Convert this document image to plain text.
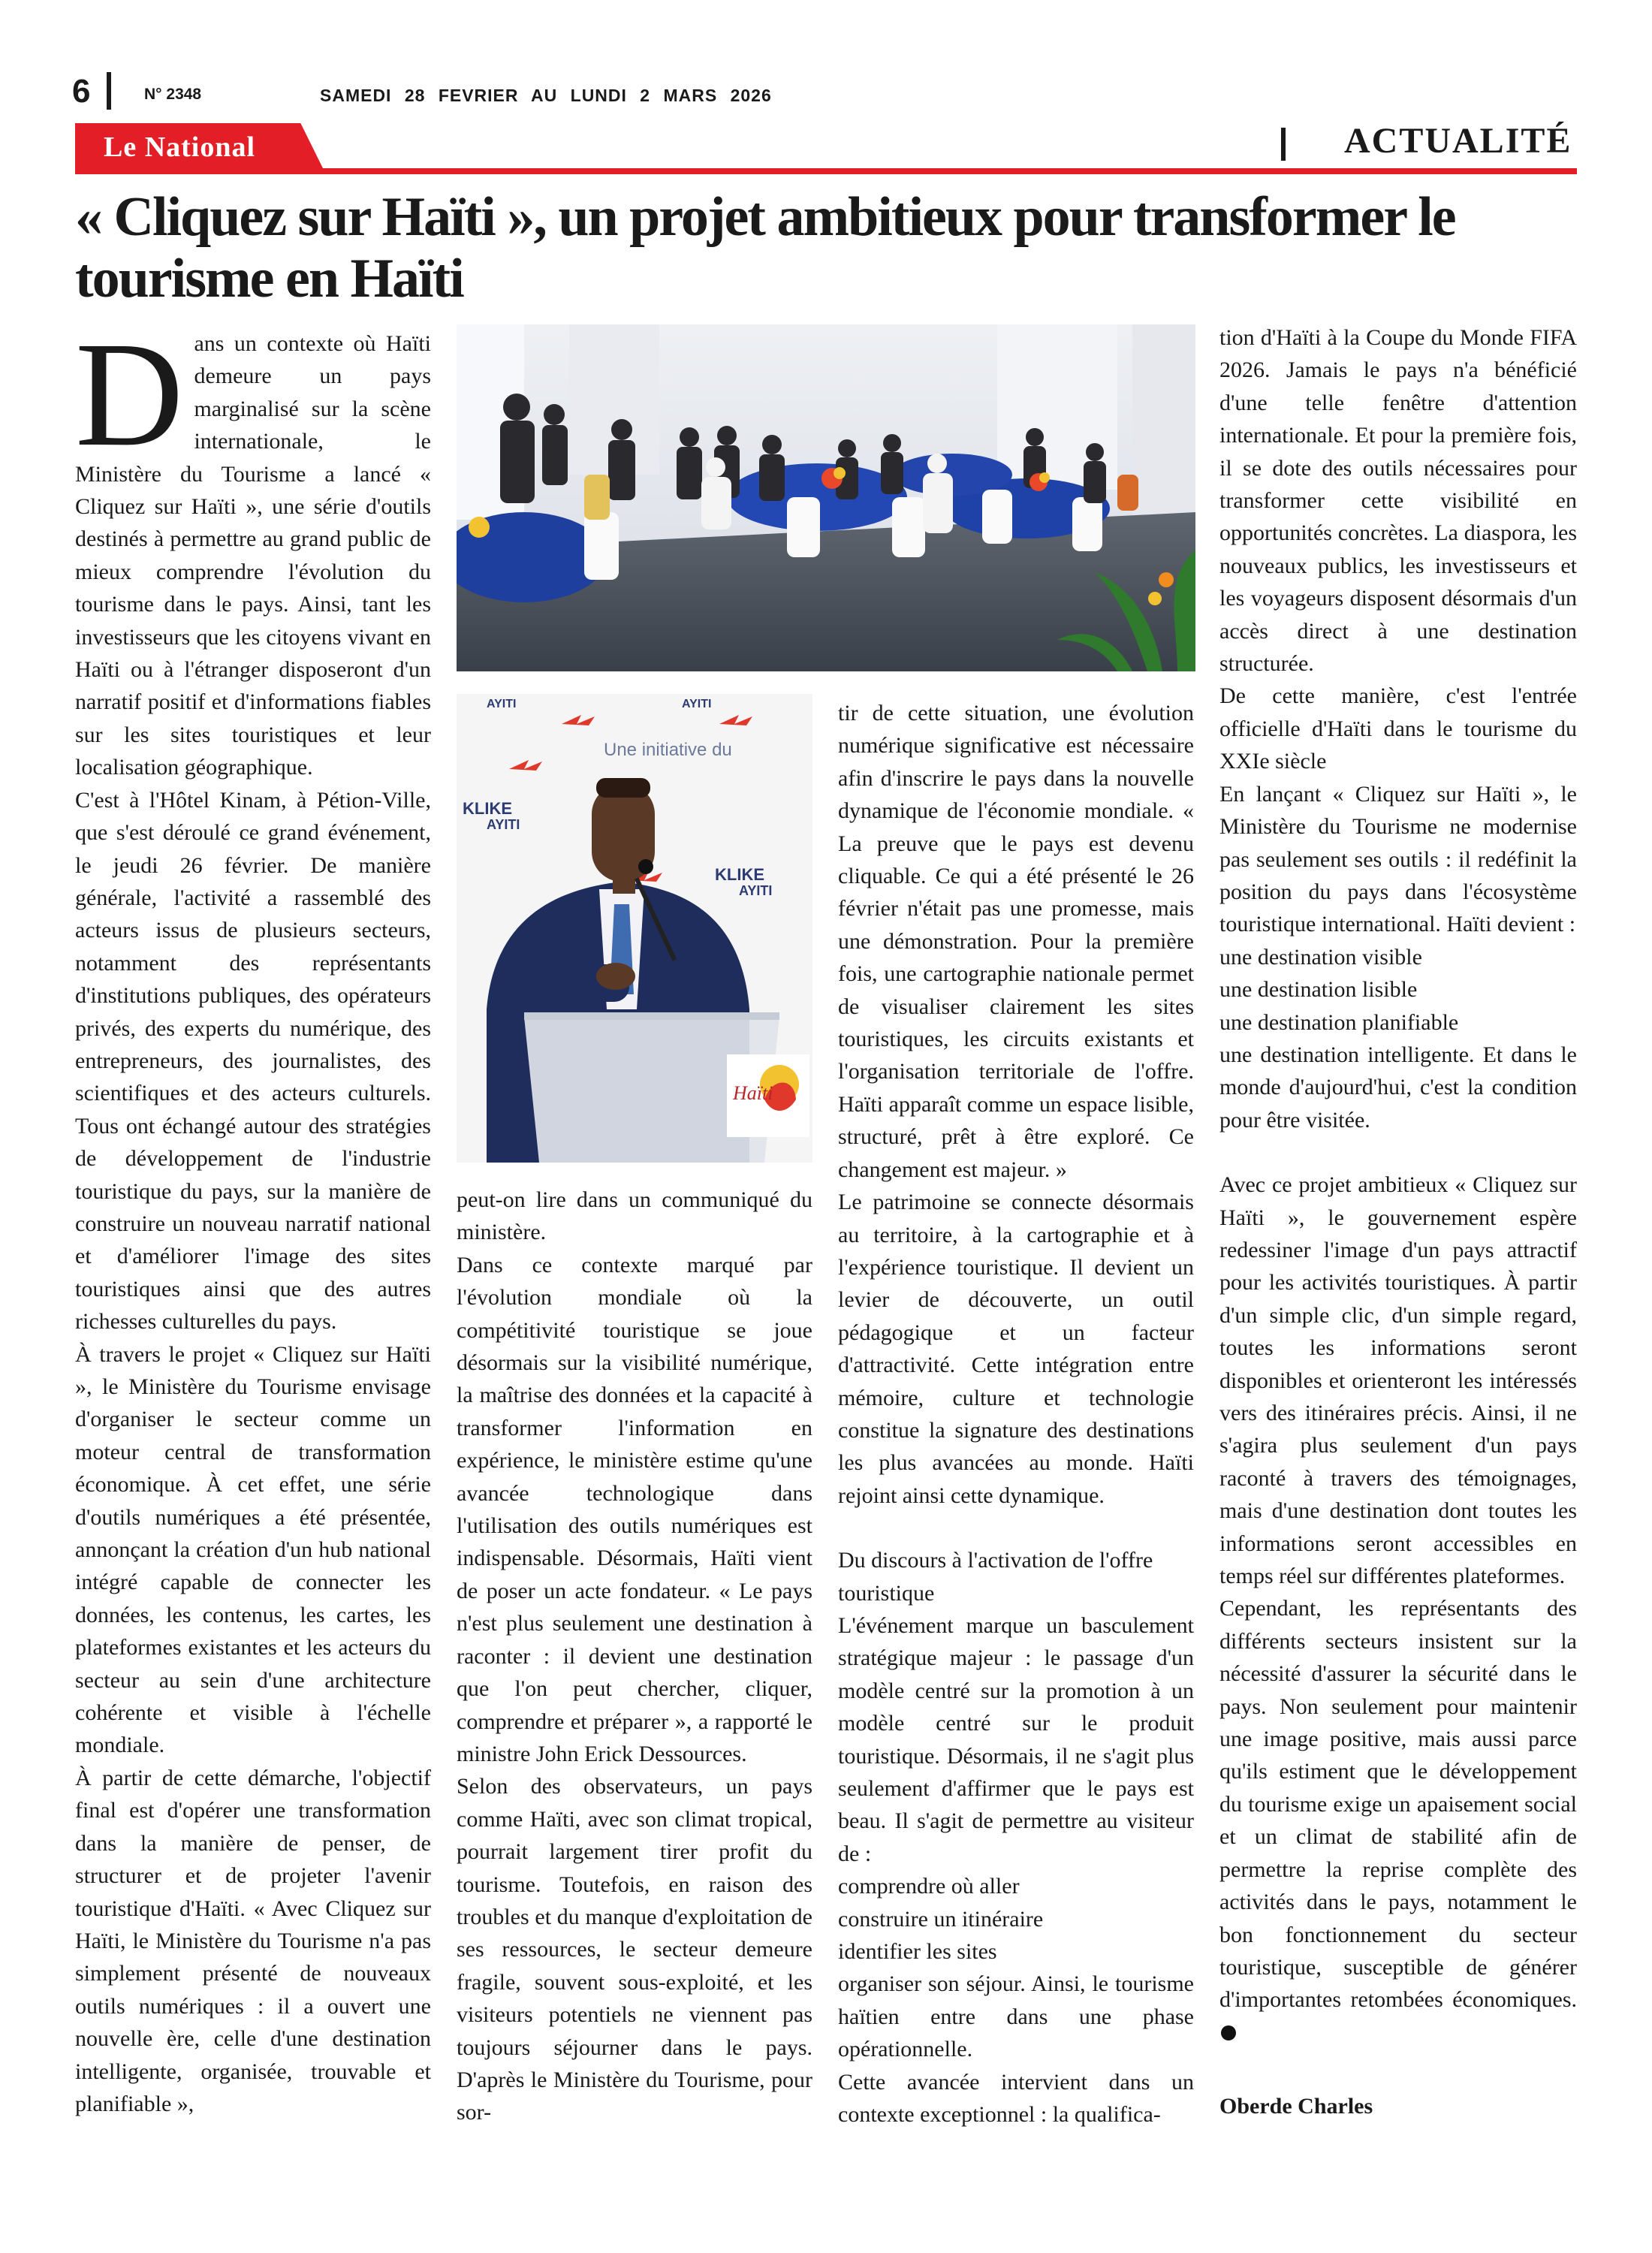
6	N° 2348	SAMEDI 28 FEVRIER AU LUNDI 2 MARS 2026
Le National	ACTUALITÉ
« Cliquez sur Haïti », un projet ambitieux pour transformer le tourisme en Haïti
AYITI	AYITI
Une initiative du
KLIKE
AYITI
KLIKE
AYITI
Haïti

Dans un contexte où Haïti demeure un pays marginalisé sur la scène internationale, le Ministère du Tourisme a lancé « Cliquez sur Haïti », une série d'outils destinés à permettre au grand public de mieux comprendre l'évolution du tourisme dans le pays. Ainsi, tant les investisseurs que les citoyens vivant en Haïti ou à l'étranger disposeront d'un narratif positif et d'informations fiables sur les sites touristiques et leur localisation géographique.

C'est à l'Hôtel Kinam, à Pétion-Ville, que s'est déroulé ce grand événement, le jeudi 26 février. De manière générale, l'activité a rassemblé des acteurs issus de plusieurs secteurs, notamment des représentants d'institutions publiques, des opérateurs privés, des experts du numérique, des entrepreneurs, des journalistes, des scientifiques et des acteurs culturels. Tous ont échangé autour des stratégies de développement de l'industrie touristique du pays, sur la manière de construire un nouveau narratif national et d'améliorer l'image des sites touristiques ainsi que des autres richesses culturelles du pays.

À travers le projet « Cliquez sur Haïti », le Ministère du Tourisme envisage d'organiser le secteur comme un moteur central de transformation économique. À cet effet, une série d'outils numériques a été présentée, annonçant la création d'un hub national intégré capable de connecter les données, les contenus, les cartes, les plateformes existantes et les acteurs du secteur au sein d'une architecture cohérente et visible à l'échelle mondiale.

À partir de cette démarche, l'objectif final est d'opérer une transformation dans la manière de penser, de structurer et de projeter l'avenir touristique d'Haïti. « Avec Cliquez sur Haïti, le Ministère du Tourisme n'a pas simplement présenté de nouveaux outils numériques : il a ouvert une nouvelle ère, celle d'une destination intelligente, organisée, trouvable et planifiable »,

peut-on lire dans un communiqué du ministère.

Dans ce contexte marqué par l'évolution mondiale où la compétitivité touristique se joue désormais sur la visibilité numérique, la maîtrise des données et la capacité à transformer l'information en expérience, le ministère estime qu'une avancée technologique dans l'utilisation des outils numériques est indispensable. Désormais, Haïti vient de poser un acte fondateur. « Le pays n'est plus seulement une destination à raconter : il devient une destination que l'on peut chercher, cliquer, comprendre et préparer », a rapporté le ministre John Erick Dessources.

Selon des observateurs, un pays comme Haïti, avec son climat tropical, pourrait largement tirer profit du tourisme. Toutefois, en raison des troubles et du manque d'exploitation de ses ressources, le secteur demeure fragile, souvent sous-exploité, et les visiteurs potentiels ne viennent pas toujours séjourner dans le pays. D'après le Ministère du Tourisme, pour sor-

tir de cette situation, une évolution numérique significative est nécessaire afin d'inscrire le pays dans la nouvelle dynamique de l'économie mondiale. « La preuve que le pays est devenu cliquable. Ce qui a été présenté le 26 février n'était pas une promesse, mais une démonstration. Pour la première fois, une cartographie nationale permet de visualiser clairement les sites touristiques, les circuits existants et l'organisation territoriale de l'offre. Haïti apparaît comme un espace lisible, structuré, prêt à être exploré. Ce changement est majeur. »

Le patrimoine se connecte désormais au territoire, à la cartographie et à l'expérience touristique. Il devient un levier de découverte, un outil pédagogique et un facteur d'attractivité. Cette intégration entre mémoire, culture et technologie constitue la signature des destinations les plus avancées au monde. Haïti rejoint ainsi cette dynamique.

Du discours à l'activation de l'offre touristique

L'événement marque un basculement stratégique majeur : le passage d'un modèle centré sur la promotion à un modèle centré sur le produit touristique. Désormais, il ne s'agit plus seulement d'affirmer que le pays est beau. Il s'agit de permettre au visiteur de :

comprendre où aller

construire un itinéraire

identifier les sites

organiser son séjour. Ainsi, le tourisme haïtien entre dans une phase opérationnelle.

Cette avancée intervient dans un contexte exceptionnel : la qualifica-

tion d'Haïti à la Coupe du Monde FIFA 2026. Jamais le pays n'a bénéficié d'une telle fenêtre d'attention internationale. Et pour la première fois, il se dote des outils nécessaires pour transformer cette visibilité en opportunités concrètes. La diaspora, les nouveaux publics, les investisseurs et les voyageurs disposent désormais d'un accès direct à une destination structurée.

De cette manière, c'est l'entrée officielle d'Haïti dans le tourisme du XXIe siècle

En lançant « Cliquez sur Haïti », le Ministère du Tourisme ne modernise pas seulement ses outils : il redéfinit la position du pays dans l'écosystème touristique international. Haïti devient :

une destination visible

une destination lisible

une destination planifiable

une destination intelligente. Et dans le monde d'aujourd'hui, c'est la condition pour être visitée.

Avec ce projet ambitieux « Cliquez sur Haïti », le gouvernement espère redessiner l'image d'un pays attractif pour les activités touristiques. À partir d'un simple clic, d'un simple regard, toutes les informations seront disponibles et orienteront les intéressés vers des itinéraires précis. Ainsi, il ne s'agira plus seulement d'un pays raconté à travers des témoignages, mais d'une destination dont toutes les informations seront accessibles en temps réel sur différentes plateformes.

Cependant, les représentants des différents secteurs insistent sur la nécessité d'assurer la sécurité dans le pays. Non seulement pour maintenir une image positive, mais aussi parce qu'ils estiment que le développement du tourisme exige un apaisement social et un climat de stabilité afin de permettre la reprise complète des activités dans le pays, notamment le bon fonctionnement du secteur touristique, susceptible de générer d'importantes retombées économiques.

Oberde Charles
